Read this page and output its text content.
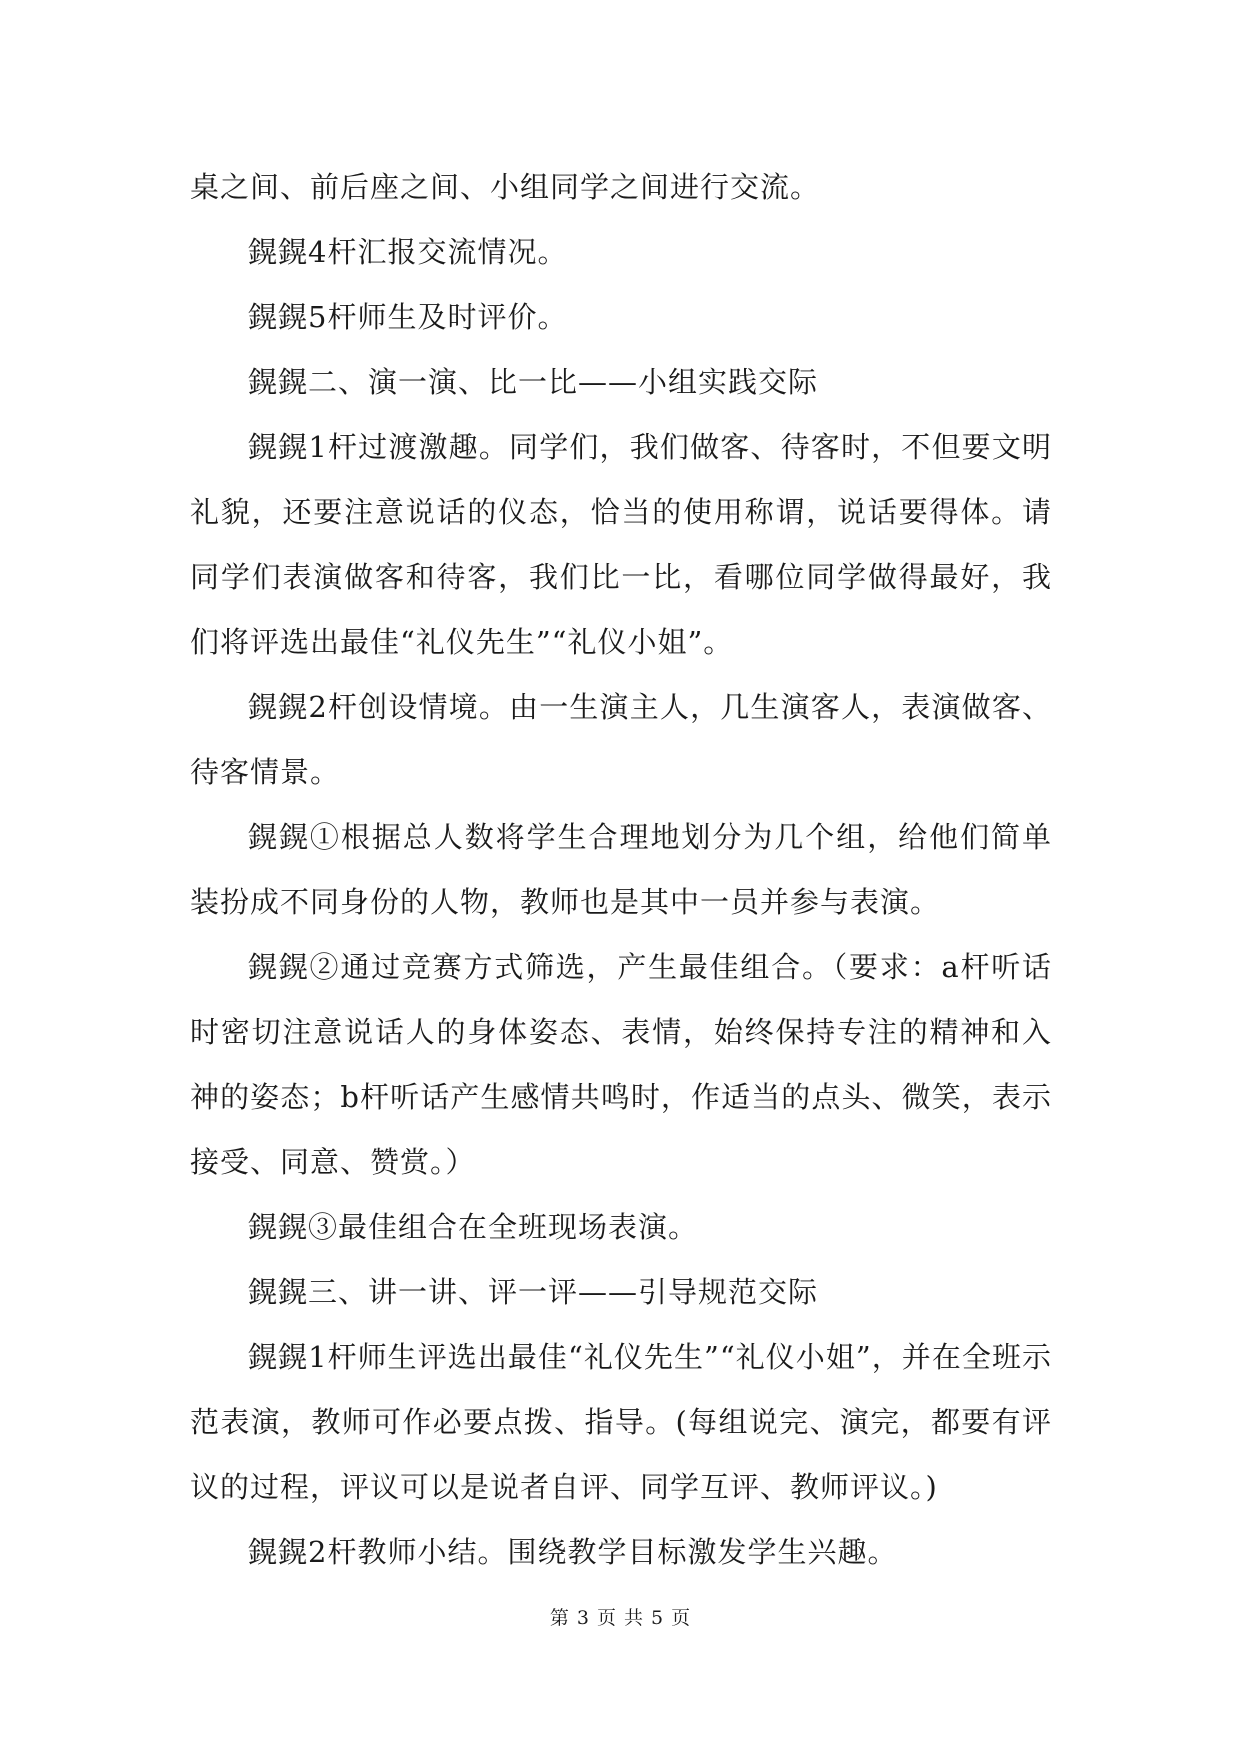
桌之间、前后座之间、小组同学之间进行交流。

鎤鎤4杆汇报交流情况。

鎤鎤5杆师生及时评价。

鎤鎤二、演一演、比一比——小组实践交际

鎤鎤1杆过渡激趣。同学们，我们做客、待客时，不但要文明礼貌，还要注意说话的仪态，恰当的使用称谓，说话要得体。请同学们表演做客和待客，我们比一比，看哪位同学做得最好，我们将评选出最佳“礼仪先生”“礼仪小姐”。

鎤鎤2杆创设情境。由一生演主人，几生演客人，表演做客、待客情景。

鎤鎤①根据总人数将学生合理地划分为几个组，给他们简单装扮成不同身份的人物，教师也是其中一员并参与表演。

鎤鎤②通过竞赛方式筛选，产生最佳组合。（要求：a杆听话时密切注意说话人的身体姿态、表情，始终保持专注的精神和入神的姿态；b杆听话产生感情共鸣时，作适当的点头、微笑，表示接受、同意、赞赏。）

鎤鎤③最佳组合在全班现场表演。

鎤鎤三、讲一讲、评一评——引导规范交际

鎤鎤1杆师生评选出最佳“礼仪先生”“礼仪小姐”，并在全班示范表演，教师可作必要点拨、指导。(每组说完、演完，都要有评议的过程，评议可以是说者自评、同学互评、教师评议。)

鎤鎤2杆教师小结。围绕教学目标激发学生兴趣。

第 3 页 共 5 页
